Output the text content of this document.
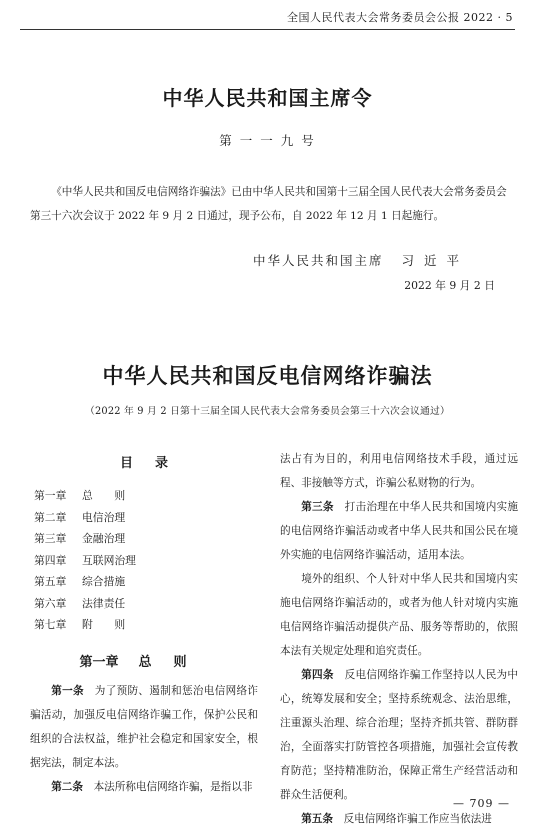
全国人民代表大会常务委员会公报 2022 · 5
中华人民共和国主席令
第 一 一 九 号
《中华人民共和国反电信网络诈骗法》已由中华人民共和国第十三届全国人民代表大会常务委员会第三十六次会议于 2022 年 9 月 2 日通过，现予公布，自 2022 年 12 月 1 日起施行。
中华人民共和国主席 习近平
2022 年 9 月 2 日
中华人民共和国反电信网络诈骗法
（2022 年 9 月 2 日第十三届全国人民代表大会常务委员会第三十六次会议通过）
目录
第一章 总　　则
第二章 电信治理
第三章 金融治理
第四章 互联网治理
第五章 综合措施
第六章 法律责任
第七章 附　　则
第一章 总则

第一条　 为了预防、遏制和惩治电信网络诈骗活动，加强反电信网络诈骗工作，保护公民和组织的合法权益，维护社会稳定和国家安全，根据宪法，制定本法。

第二条　 本法所称电信网络诈骗，是指以非

法占有为目的，利用电信网络技术手段，通过远程、非接触等方式，诈骗公私财物的行为。

第三条　 打击治理在中华人民共和国境内实施的电信网络诈骗活动或者中华人民共和国公民在境外实施的电信网络诈骗活动，适用本法。

境外的组织、个人针对中华人民共和国境内实施电信网络诈骗活动的，或者为他人针对境内实施电信网络诈骗活动提供产品、服务等帮助的，依照本法有关规定处理和追究责任。

第四条　 反电信网络诈骗工作坚持以人民为中心，统筹发展和安全；坚持系统观念、法治思维，注重源头治理、综合治理；坚持齐抓共管、群防群治，全面落实打防管控各项措施，加强社会宣传教育防范；坚持精准防治，保障正常生产经营活动和群众生活便利。

第五条　 反电信网络诈骗工作应当依法进

— 709 —
